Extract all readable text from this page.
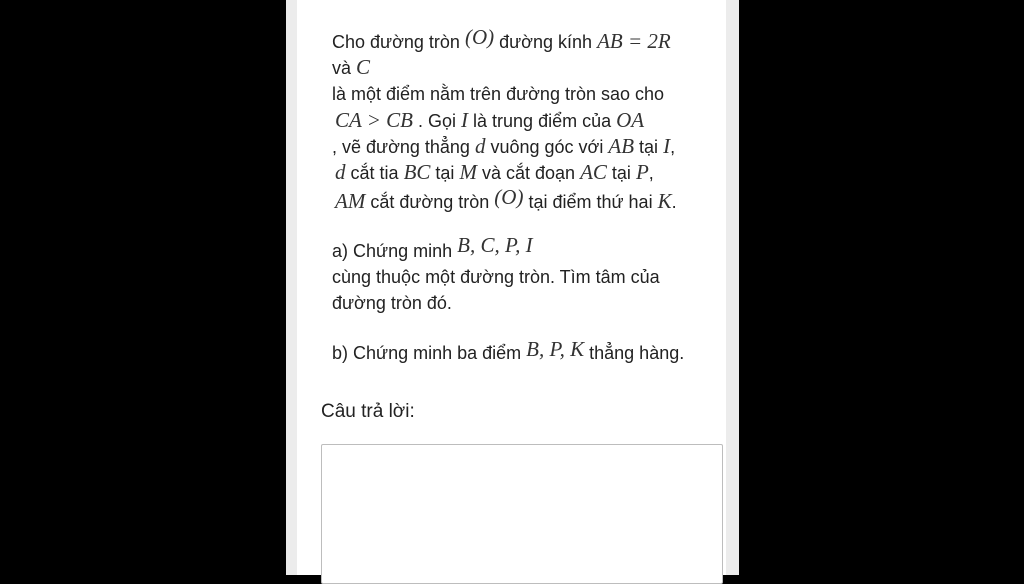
Cho đường tròn (O) đường kính AB = 2R
và C
là một điểm nằm trên đường tròn sao cho
CA > CB . Gọi I là trung điểm của OA
, vẽ đường thẳng d vuông góc với AB tại I,
d cắt tia BC tại M và cắt đoạn AC tại P,
AM cắt đường tròn (O) tại điểm thứ hai K.
a) Chứng minh B, C, P, I
cùng thuộc một đường tròn. Tìm tâm của
đường tròn đó.
b) Chứng minh ba điểm B, P, K thẳng hàng.
Câu trả lời:
